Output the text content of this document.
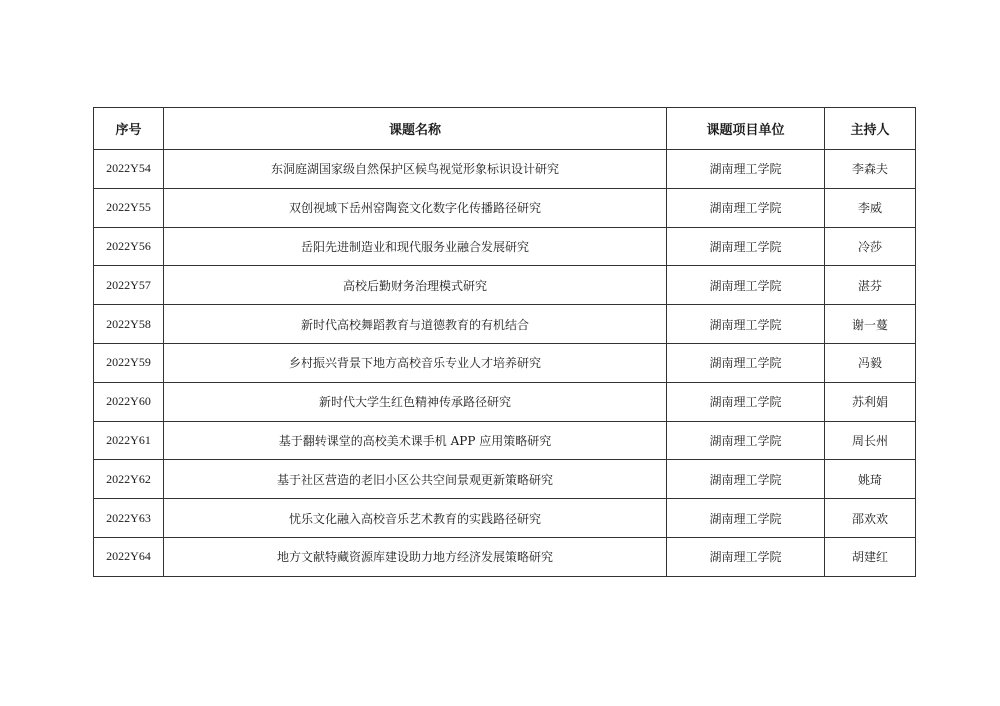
序号	课题名称	课题项目单位	主持人
2022Y54	东洞庭湖国家级自然保护区候鸟视觉形象标识设计研究	湖南理工学院	李森夫
2022Y55	双创视域下岳州窑陶瓷文化数字化传播路径研究	湖南理工学院	李威
2022Y56	岳阳先进制造业和现代服务业融合发展研究	湖南理工学院	冷莎
2022Y57	高校后勤财务治理模式研究	湖南理工学院	湛芬
2022Y58	新时代高校舞蹈教育与道德教育的有机结合	湖南理工学院	谢一蔓
2022Y59	乡村振兴背景下地方高校音乐专业人才培养研究	湖南理工学院	冯毅
2022Y60	新时代大学生红色精神传承路径研究	湖南理工学院	苏利娟
2022Y61	基于翻转课堂的高校美术课手机 APP 应用策略研究	湖南理工学院	周长州
2022Y62	基于社区营造的老旧小区公共空间景观更新策略研究	湖南理工学院	姚琦
2022Y63	忧乐文化融入高校音乐艺术教育的实践路径研究	湖南理工学院	邵欢欢
2022Y64	地方文献特藏资源库建设助力地方经济发展策略研究	湖南理工学院	胡建红
